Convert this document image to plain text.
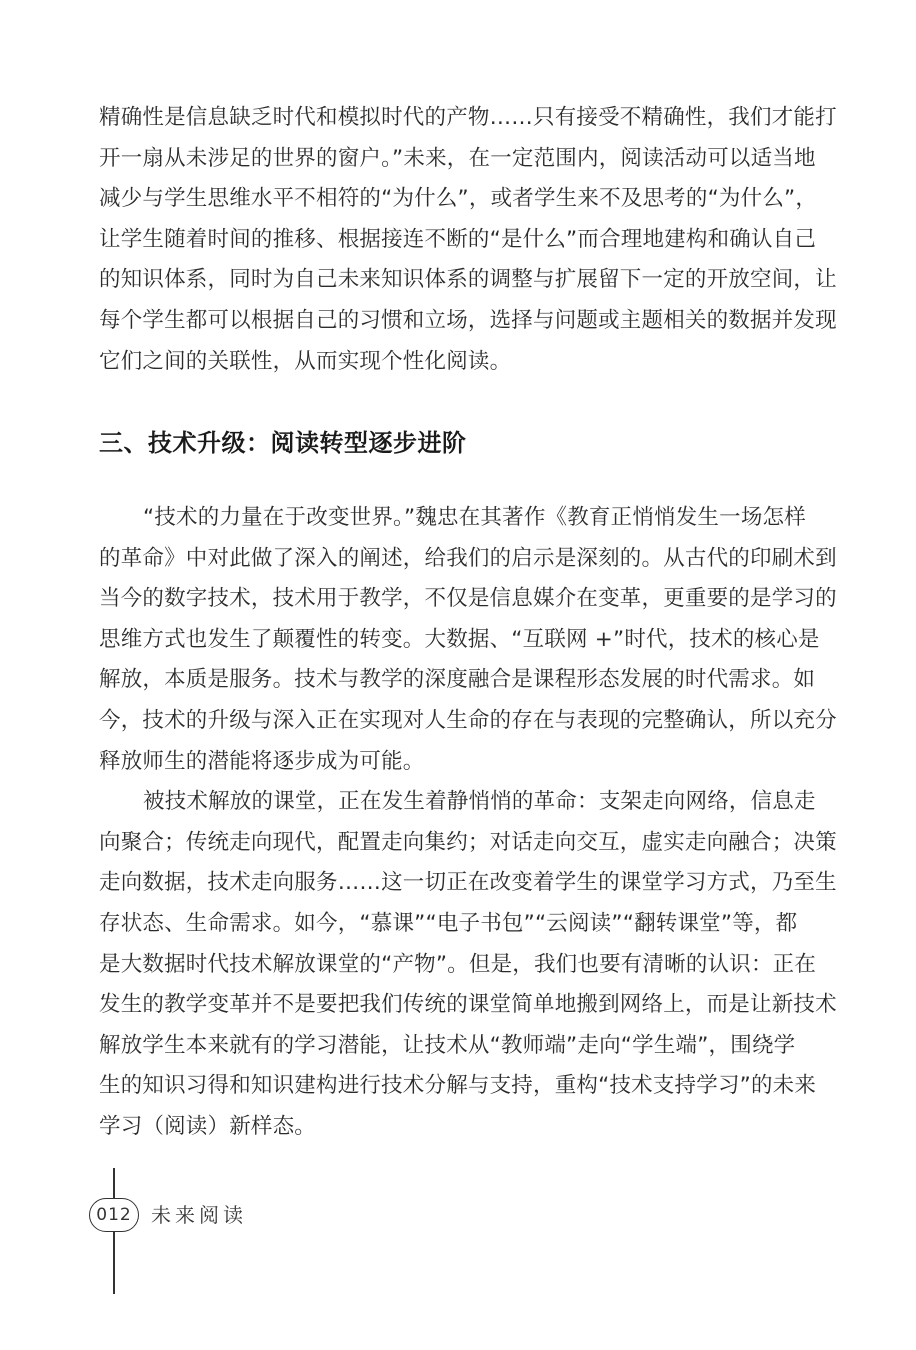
精确性是信息缺乏时代和模拟时代的产物……只有接受不精确性，我们才能打
开一扇从未涉足的世界的窗户。”未来，在一定范围内，阅读活动可以适当地
减少与学生思维水平不相符的“为什么”，或者学生来不及思考的“为什么”，
让学生随着时间的推移、根据接连不断的“是什么”而合理地建构和确认自己
的知识体系，同时为自己未来知识体系的调整与扩展留下一定的开放空间，让
每个学生都可以根据自己的习惯和立场，选择与问题或主题相关的数据并发现
它们之间的关联性，从而实现个性化阅读。
三、技术升级：阅读转型逐步进阶
“技术的力量在于改变世界。”魏忠在其著作《教育正悄悄发生一场怎样
的革命》中对此做了深入的阐述，给我们的启示是深刻的。从古代的印刷术到
当今的数字技术，技术用于教学，不仅是信息媒介在变革，更重要的是学习的
思维方式也发生了颠覆性的转变。大数据、“互联网 +”时代，技术的核心是
解放，本质是服务。技术与教学的深度融合是课程形态发展的时代需求。如
今，技术的升级与深入正在实现对人生命的存在与表现的完整确认，所以充分
释放师生的潜能将逐步成为可能。
被技术解放的课堂，正在发生着静悄悄的革命：支架走向网络，信息走
向聚合；传统走向现代，配置走向集约；对话走向交互，虚实走向融合；决策
走向数据，技术走向服务……这一切正在改变着学生的课堂学习方式，乃至生
存状态、生命需求。如今，“慕课”“电子书包”“云阅读”“翻转课堂”等，都
是大数据时代技术解放课堂的“产物”。但是，我们也要有清晰的认识：正在
发生的教学变革并不是要把我们传统的课堂简单地搬到网络上，而是让新技术
解放学生本来就有的学习潜能，让技术从“教师端”走向“学生端”，围绕学
生的知识习得和知识建构进行技术分解与支持，重构“技术支持学习”的未来
学习（阅读）新样态。
012 未来阅读
